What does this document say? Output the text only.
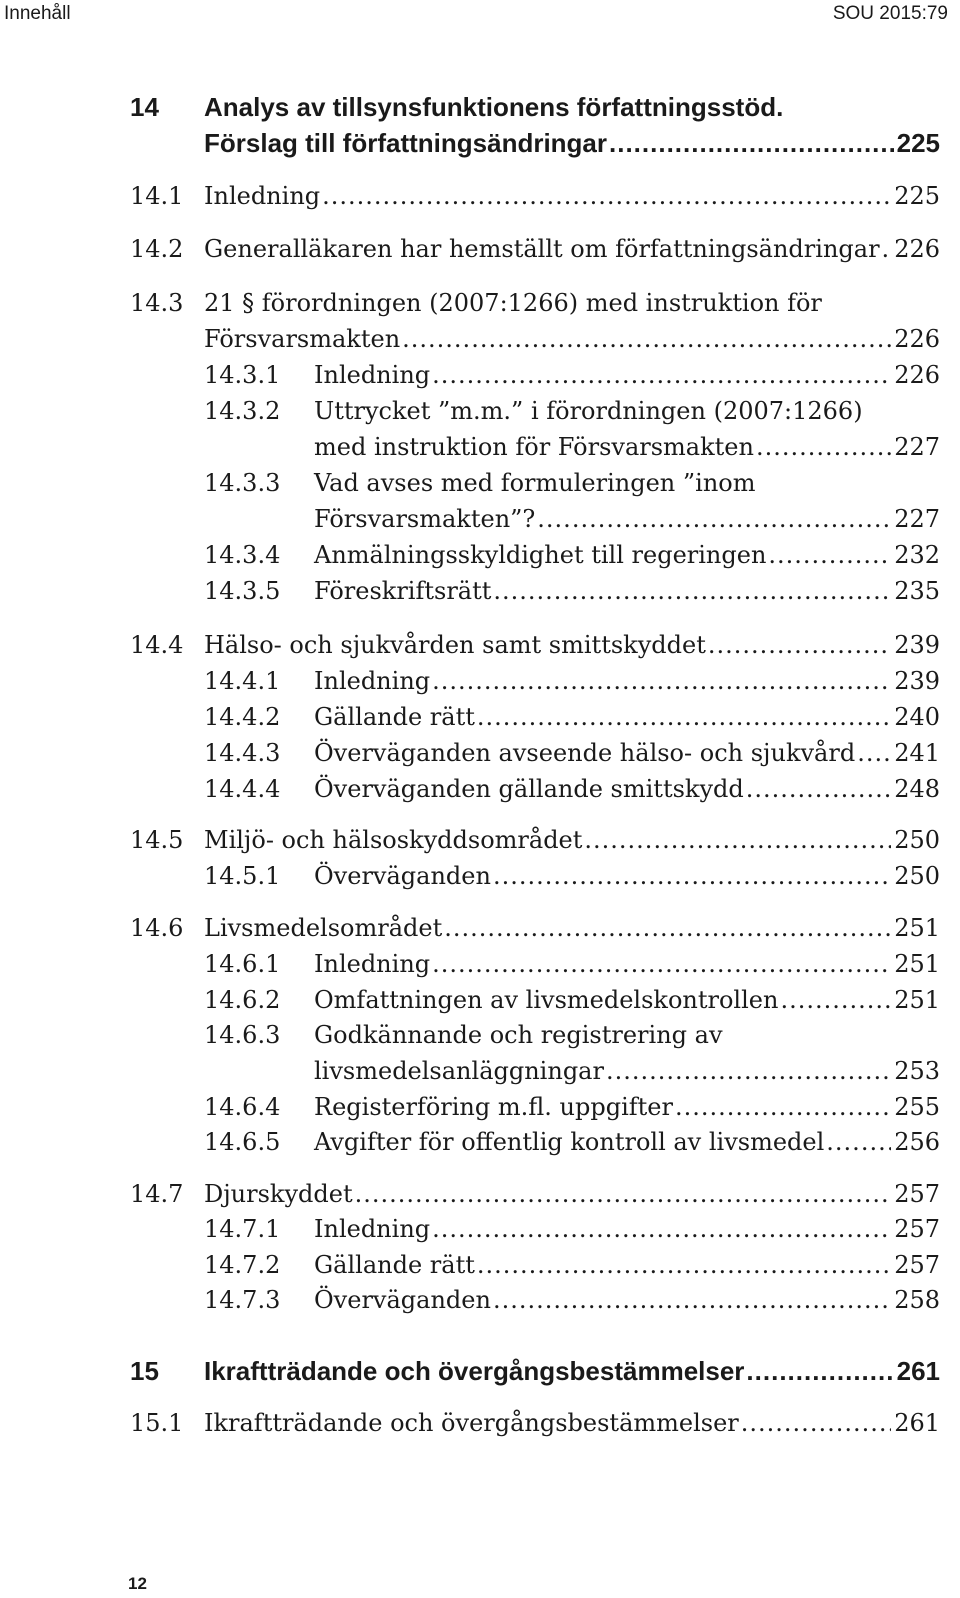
Innehåll	SOU 2015:79
14 Analys av tillsynsfunktionens författningsstöd.
Förslag till författningsändringar .....	225
14.1 Inledning .....	225
14.2 Generalläkaren har hemställt om författningsändringar ..... 226
14.3 21 § förordningen (2007:1266) med instruktion för
Försvarsmakten .....	226
14.3.1 Inledning .....	226
14.3.2 Uttrycket ”m.m.” i förordningen (2007:1266)
med instruktion för Försvarsmakten .....	227
14.3.3 Vad avses med formuleringen ”inom
Försvarsmakten”? .....	227
14.3.4 Anmälningsskyldighet till regeringen .....	232
14.3.5 Föreskriftsrätt .....	235
14.4 Hälso- och sjukvården samt smittskyddet .....	239
14.4.1 Inledning .....	239
14.4.2 Gällande rätt .....	240
14.4.3 Överväganden avseende hälso- och sjukvård ..... 241
14.4.4 Överväganden gällande smittskydd .....	248
14.5 Miljö- och hälsoskyddsområdet .....	250
14.5.1 Överväganden .....	250
14.6 Livsmedelsområdet .....	251
14.6.1 Inledning .....	251
14.6.2 Omfattningen av livsmedelskontrollen .....	251
14.6.3 Godkännande och registrering av
livsmedelsanläggningar .....	253
14.6.4 Registerföring m.fl. uppgifter .....	255
14.6.5 Avgifter för offentlig kontroll av livsmedel .....	256
14.7 Djurskyddet .....	257
14.7.1 Inledning .....	257
14.7.2 Gällande rätt .....	257
14.7.3 Överväganden .....	258
15 Ikraftträdande och övergångsbestämmelser .....	261
15.1 Ikraftträdande och övergångsbestämmelser .....	261
12
